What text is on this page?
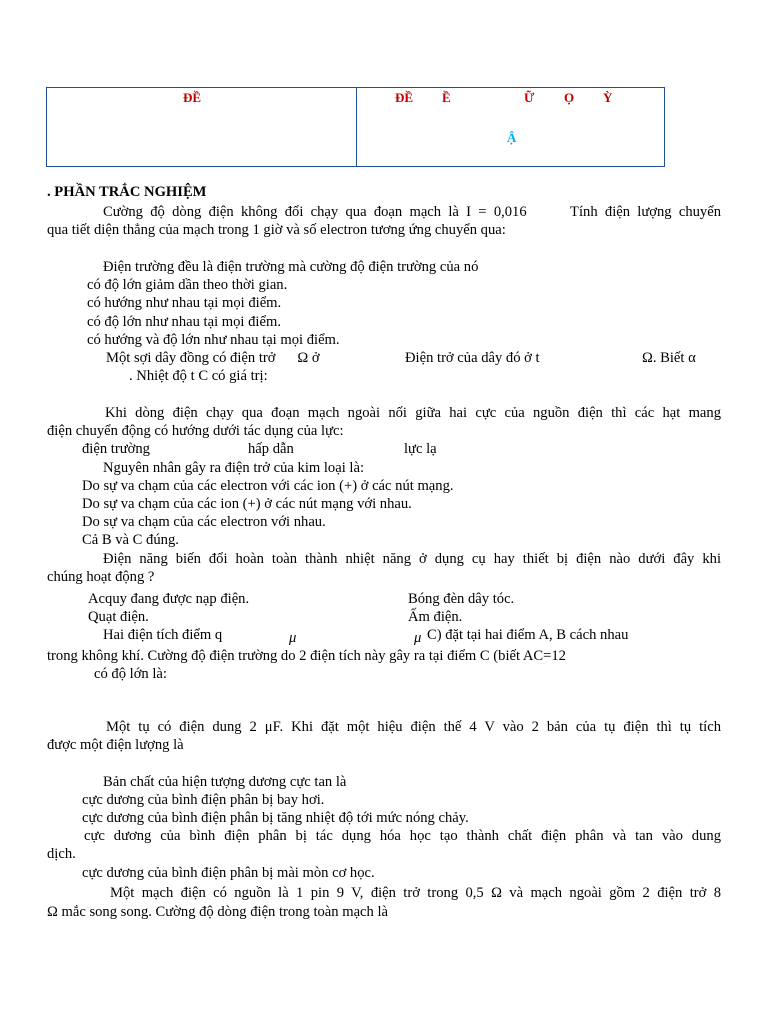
ĐỀ	ĐỀ Ề	Ữ Ọ Ỳ
Ậ
. PHẦN TRẮC NGHIỆM
Cường độ dòng điện không đổi chạy qua đoạn mạch là I = 0,016      Tính điện lượng chuyển
qua tiết diện thẳng của mạch trong 1 giờ và số electron tương ứng chuyển qua:
Điện trường đều là điện trường mà cường độ điện trường của nó
có độ lớn giảm dần theo thời gian.
có hướng như nhau tại mọi điểm.
có độ lớn như nhau tại mọi điểm.
có hướng và độ lớn như nhau tại mọi điểm.
Một sợi dây đồng có điện trở      Ω ở	Điện trở của dây đó ở t	Ω. Biết α
. Nhiệt độ t C có giá trị:
Khi dòng điện chạy qua đoạn mạch ngoài nối giữa hai cực của nguồn điện thì các hạt mang
điện chuyển động có hướng dưới tác dụng của lực:
điện trường	hấp dẫn	lực lạ
Nguyên nhân gây ra điện trở của kim loại là:
Do sự va chạm của các electron với các ion (+) ở các nút mạng.
Do sự va chạm của các ion (+) ở các nút mạng với nhau.
Do sự va chạm của các electron với nhau.
Cả B và C đúng.
Điện năng biến đổi hoàn toàn thành nhiệt năng ở dụng cụ hay thiết bị điện nào dưới đây khi
chúng hoạt động ?
Acquy đang được nạp điện.	Bóng đèn dây tóc.
Quạt điện.	Ấm điện.
Hai điện tích điểm q	μ	μ C) đặt tại hai điểm A, B cách nhau
trong không khí. Cường độ điện trường do 2 điện tích này gây ra tại điểm C (biết AC=12
có độ lớn là:
Một tụ có điện dung 2 μF. Khi đặt một hiệu điện thế 4 V vào 2 bản của tụ điện thì tụ tích
được một điện lượng là
Bản chất của hiện tượng dương cực tan là
cực dương của bình điện phân bị bay hơi.
cực dương của bình điện phân bị tăng nhiệt độ tới mức nóng chảy.
cực dương của bình điện phân bị tác dụng hóa học tạo thành chất điện phân và tan vào dung
dịch.
cực dương của bình điện phân bị mài mòn cơ học.
Một mạch điện có nguồn là 1 pin 9 V, điện trở trong 0,5 Ω và mạch ngoài gồm 2 điện trở 8
Ω mắc song song. Cường độ dòng điện trong toàn mạch là
